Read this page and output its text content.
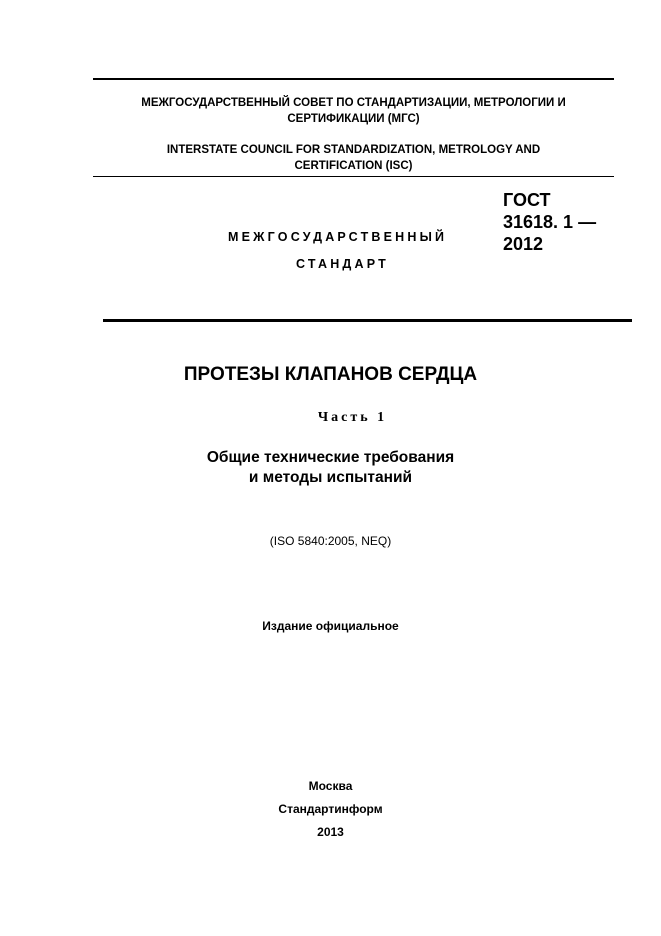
МЕЖГОСУДАРСТВЕННЫЙ СОВЕТ ПО СТАНДАРТИЗАЦИИ, МЕТРОЛОГИИ И
СЕРТИФИКАЦИИ (МГС)
INTERSTATE COUNCIL FOR STANDARDIZATION, METROLOGY AND
CERTIFICATION (ISC)
МЕЖГОСУДАРСТВЕННЫЙ
СТАНДАРТ
ГОСТ
31618. 1 —
2012
ПРОТЕЗЫ КЛАПАНОВ СЕРДЦА
Часть 1
Общие технические требования
и методы испытаний
(ISO 5840:2005, NEQ)
Издание официальное
Москва
Стандартинформ
2013
